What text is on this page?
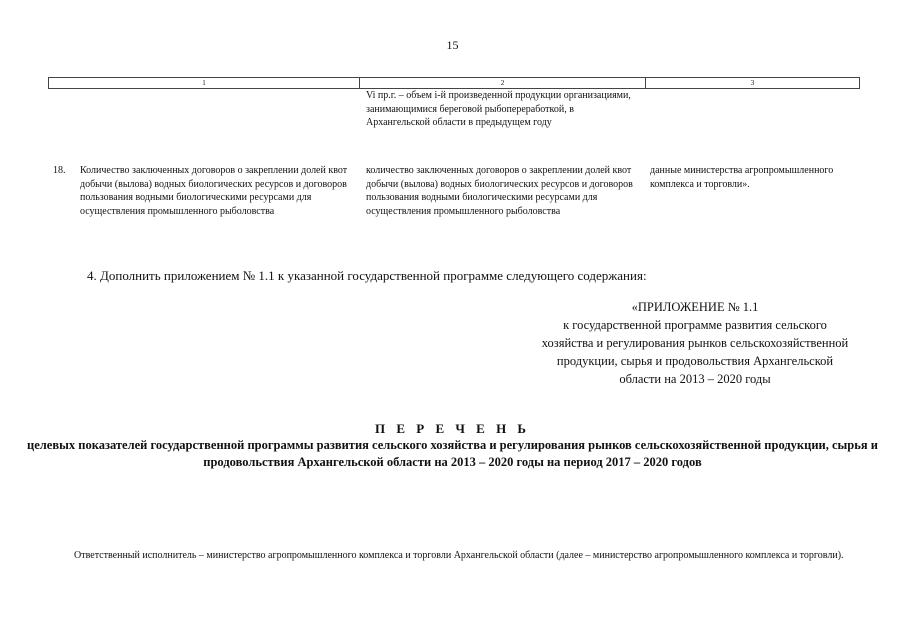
15
1	2	3
Vi пр.г. – объем i-й произведенной продукции организациями, занимающимися береговой рыбопереработкой, в Архангельской области в предыдущем году
18. Количество заключенных договоров о закреплении долей квот добычи (вылова) водных биологических ресурсов и договоров пользования водными биологическими ресурсами для осуществления промышленного рыболовства
количество заключенных договоров о закреплении долей квот добычи (вылова) водных биологических ресурсов и договоров пользования водными биологическими ресурсами для осуществления промышленного рыболовства
данные министерства агропромышленного комплекса и торговли».
4. Дополнить приложением № 1.1 к указанной государственной программе следующего содержания:
«ПРИЛОЖЕНИЕ № 1.1
к государственной программе развития сельского хозяйства и регулирования рынков сельскохозяйственной продукции, сырья и продовольствия Архангельской области на 2013 – 2020 годы
П Е Р Е Ч Е Н Ь
целевых показателей государственной программы развития сельского хозяйства и регулирования рынков сельскохозяйственной продукции, сырья и продовольствия Архангельской области на 2013 – 2020 годы на период 2017 – 2020 годов
Ответственный исполнитель – министерство агропромышленного комплекса и торговли Архангельской области (далее – министерство агропромышленного комплекса и торговли).
